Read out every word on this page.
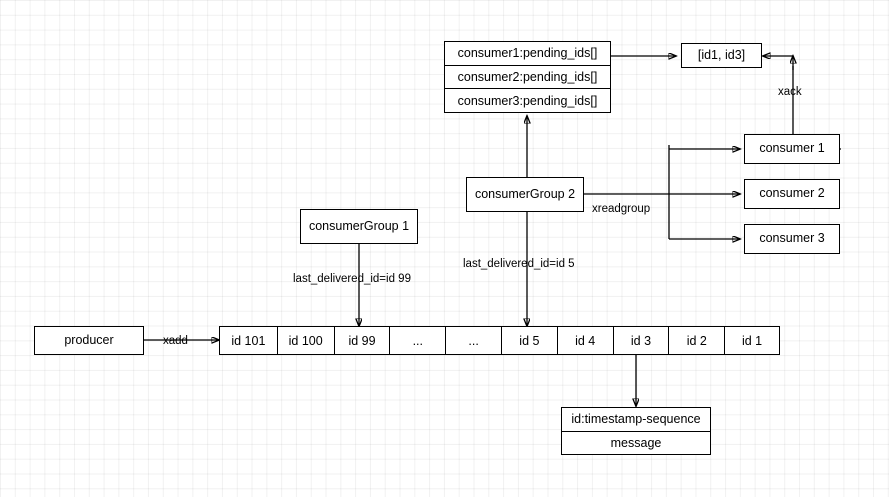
consumer1:pending_ids[]
consumer2:pending_ids[]
consumer3:pending_ids[]
[id1, id3]
xack
consumer 1
consumer 2
consumer 3
consumerGroup 2
xreadgroup
consumerGroup 1
last_delivered_id=id 99
last_delivered_id=id 5
producer	xadd	id 101	id 100	id 99	...	...	id 5	id 4	id 3	id 2	id 1
id:timestamp-sequence
message
